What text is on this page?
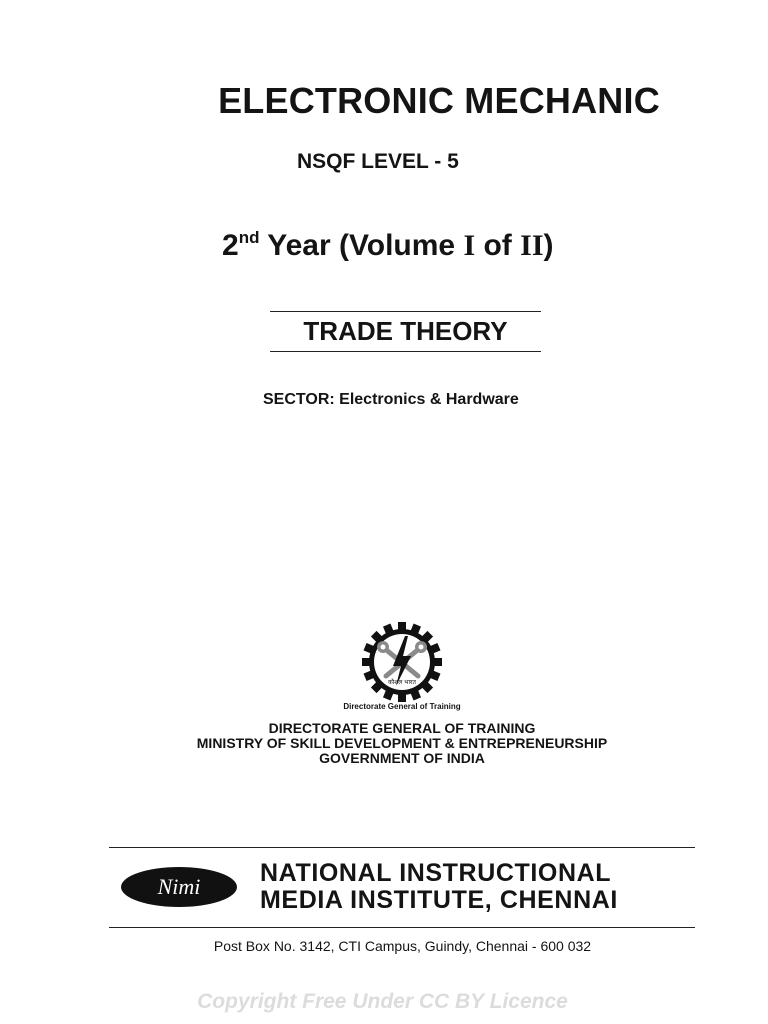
ELECTRONIC MECHANIC
NSQF LEVEL - 5
2nd Year (Volume I of II)
TRADE THEORY
SECTOR: Electronics & Hardware
कौशल भारत
Directorate General of Training
DIRECTORATE GENERAL OF TRAINING
MINISTRY OF SKILL DEVELOPMENT & ENTREPRENEURSHIP
GOVERNMENT OF INDIA
Nimi NATIONAL INSTRUCTIONAL
MEDIA INSTITUTE, CHENNAI
Post Box No. 3142, CTI Campus, Guindy, Chennai - 600 032
Copyright Free Under CC BY Licence
